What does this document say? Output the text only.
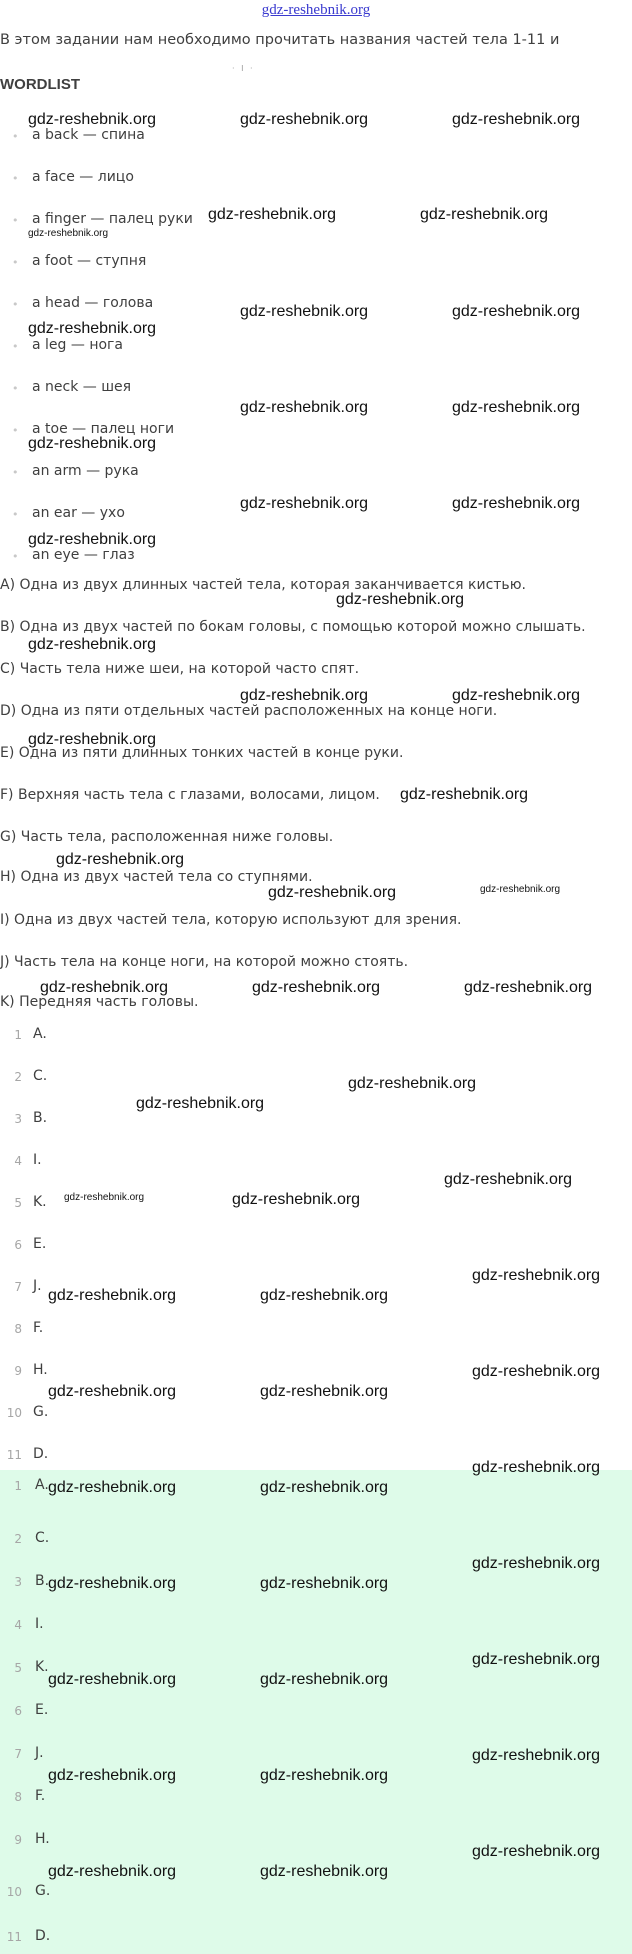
gdz-reshebnik.org
В этом задании нам необходимо прочитать названия частей тела 1-11 и
· I ·
WORDLIST
• a back — спина
• a face — лицо
• a finger — палец руки
• a foot — ступня
• a head — голова
• a leg — нога
• a neck — шея
• a toe — палец ноги
• an arm — рука
• an ear — ухо
• an eye — глаз
A) Одна из двух длинных частей тела, которая заканчивается кистью.
B) Одна из двух частей по бокам головы, с помощью которой можно слышать.
C) Часть тела ниже шеи, на которой часто спят.
D) Одна из пяти отдельных частей расположенных на конце ноги.
E) Одна из пяти длинных тонких частей в конце руки.
F) Верхняя часть тела с глазами, волосами, лицом.
G) Часть тела, расположенная ниже головы.
H) Одна из двух частей тела со ступнями.
I) Одна из двух частей тела, которую используют для зрения.
J) Часть тела на конце ноги, на которой можно стоять.
K) Передняя часть головы.
1 A.
2 C.
3 B.
4 I.
5 K.
6 E.
7 J.
8 F.
9 H.
10 G.
11 D.
1 A.
2 C.
3 B.
4 I.
5 K.
6 E.
7 J.
8 F.
9 H.
10 G.
11 D.
gdz-reshebnik.org	gdz-reshebnik.org	gdz-reshebnik.org
gdz-reshebnik.org	gdz-reshebnik.org
gdz-reshebnik.org
gdz-reshebnik.org	gdz-reshebnik.org
gdz-reshebnik.org
gdz-reshebnik.org	gdz-reshebnik.org
gdz-reshebnik.org
gdz-reshebnik.org	gdz-reshebnik.org
gdz-reshebnik.org
gdz-reshebnik.org
gdz-reshebnik.org
gdz-reshebnik.org	gdz-reshebnik.org
gdz-reshebnik.org
gdz-reshebnik.org
gdz-reshebnik.org
gdz-reshebnik.org	gdz-reshebnik.org
gdz-reshebnik.org	gdz-reshebnik.org	gdz-reshebnik.org
gdz-reshebnik.org
gdz-reshebnik.org
gdz-reshebnik.org
gdz-reshebnik.org	gdz-reshebnik.org
gdz-reshebnik.org
gdz-reshebnik.org	gdz-reshebnik.org
gdz-reshebnik.org
gdz-reshebnik.org	gdz-reshebnik.org
gdz-reshebnik.org
gdz-reshebnik.org	gdz-reshebnik.org
gdz-reshebnik.org
gdz-reshebnik.org	gdz-reshebnik.org
gdz-reshebnik.org
gdz-reshebnik.org	gdz-reshebnik.org
gdz-reshebnik.org
gdz-reshebnik.org	gdz-reshebnik.org
gdz-reshebnik.org
gdz-reshebnik.org	gdz-reshebnik.org
